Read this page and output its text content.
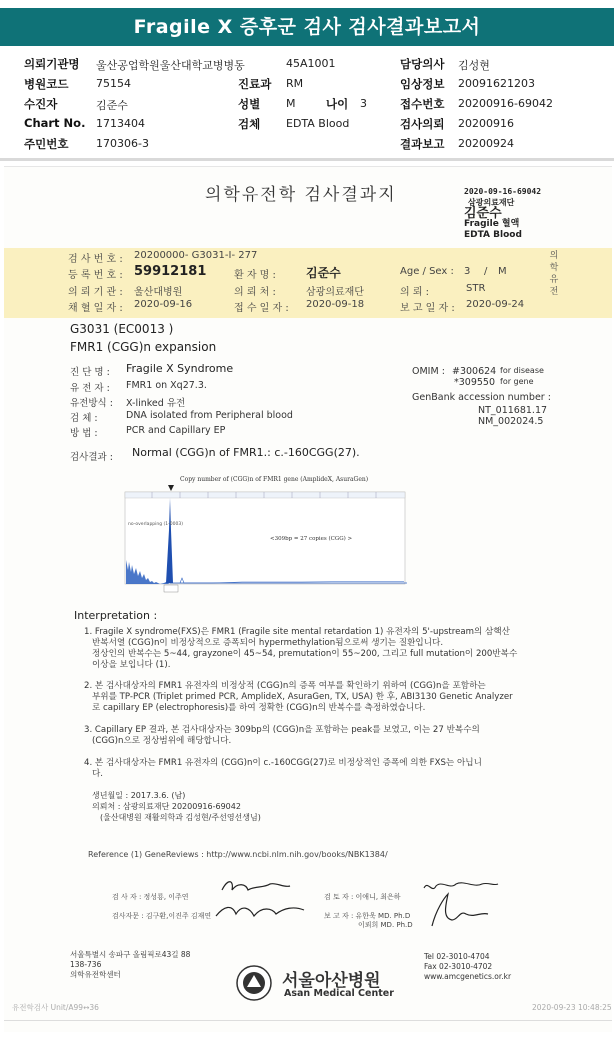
Fragile X 증후군 검사 검사결과보고서
의뢰기관명 울산공업학원울산대학교병병동	45A1001	담당의사 김성현
병원코드	75154	진료과 RM	임상정보 20091621203
수진자	김준수	성별 M	나이 3	접수번호 20200916-69042
Chart No. 1713404	검체 EDTA Blood	검사의뢰 20200916
주민번호	170306-3	결과보고 20200924
의학유전학 검사결과지	2020-09-16-69042
삼광의료재단
김준수
Fragile 혈액
EDTA Blood
검 사 번 호 : 20200000- G3031-I- 277
등 록 번 호 : 59912181	환 자 명 :	김준수	Age / Sex : 3 / M
의 뢰 기 관 : 울산대병원	의 뢰 처 :	삼광의료재단	의 뢰 :	STR
채 혈 일 자 : 2020-09-16	접 수 일 자 : 2020-09-18	보 고 일 자 : 2020-09-24
의학유전
G3031 (EC0013 )
FMR1 (CGG)n expansion
진 단 명 : Fragile X Syndrome
유 전 자 : FMR1 on Xq27.3.
유전방식 : X-linked 유전
검 체 :	DNA isolated from Peripheral blood
방 법 :	PCR and Capillary EP
OMIM : #300624 for disease
*309550 for gene
GenBank accession number :
NT_011681.17
NM_002024.5
검사결과 : Normal (CGG)n of FMR1.: c.-160CGG(27).
Copy number of (CGG)n of FMR1 gene (AmplideX, AsuraGen)
no-overlapping (1-0003)
<309bp = 27 copies (CGG) >
Interpretation :
1. Fragile X syndrome(FXS)은 FMR1 (Fragile site mental retardation 1) 유전자의 5'-upstream의 삼핵산
반복서열 (CGG)n이 비정상적으로 증폭되어 hypermethylation됨으로써 생기는 질환입니다.
정상인의 반복수는 5~44, grayzone이 45~54, premutation이 55~200, 그리고 full mutation이 200반복수
이상을 보입니다 (1).
2. 본 검사대상자의 FMR1 유전자의 비정상적 (CGG)n의 증폭 여부를 확인하기 위하여 (CGG)n을 포함하는
부위를 TP-PCR (Triplet primed PCR, AmplideX, AsuraGen, TX, USA) 한 후, ABI3130 Genetic Analyzer
로 capillary EP (electrophoresis)를 하여 정확한 (CGG)n의 반복수를 측정하였습니다.
3. Capillary EP 결과, 본 검사대상자는 309bp의 (CGG)n을 포함하는 peak를 보였고, 이는 27 반복수의
(CGG)n으로 정상범위에 해당합니다.
4. 본 검사대상자는 FMR1 유전자의 (CGG)n이 c.-160CGG(27)로 비정상적인 증폭에 의한 FXS는 아닙니
다.
생년월일 : 2017.3.6. (남)
의뢰처 : 삼광의료재단 20200916-69042
(울산대병원 재활의학과 김성현/주선영선생님)
Reference (1) GeneReviews : http://www.ncbi.nlm.nih.gov/books/NBK1384/
검 사 자 : 정성룡, 이주연
검사자문 : 김구환,이진주 김재연
검 토 자 : 이애니, 최은하
보 고 자 : 유한욱 MD. Ph.D
이뢰희 MD. Ph.D
서울특별시 송파구 올림픽로43길 88
138-736
의학유전학센터	서울아산병원
Asan Medical Center
Tel 02-3010-4704
Fax 02-3010-4702
www.amcgenetics.or.kr
유전학검사 Unit/A99↔36	2020-09-23 10:48:25
